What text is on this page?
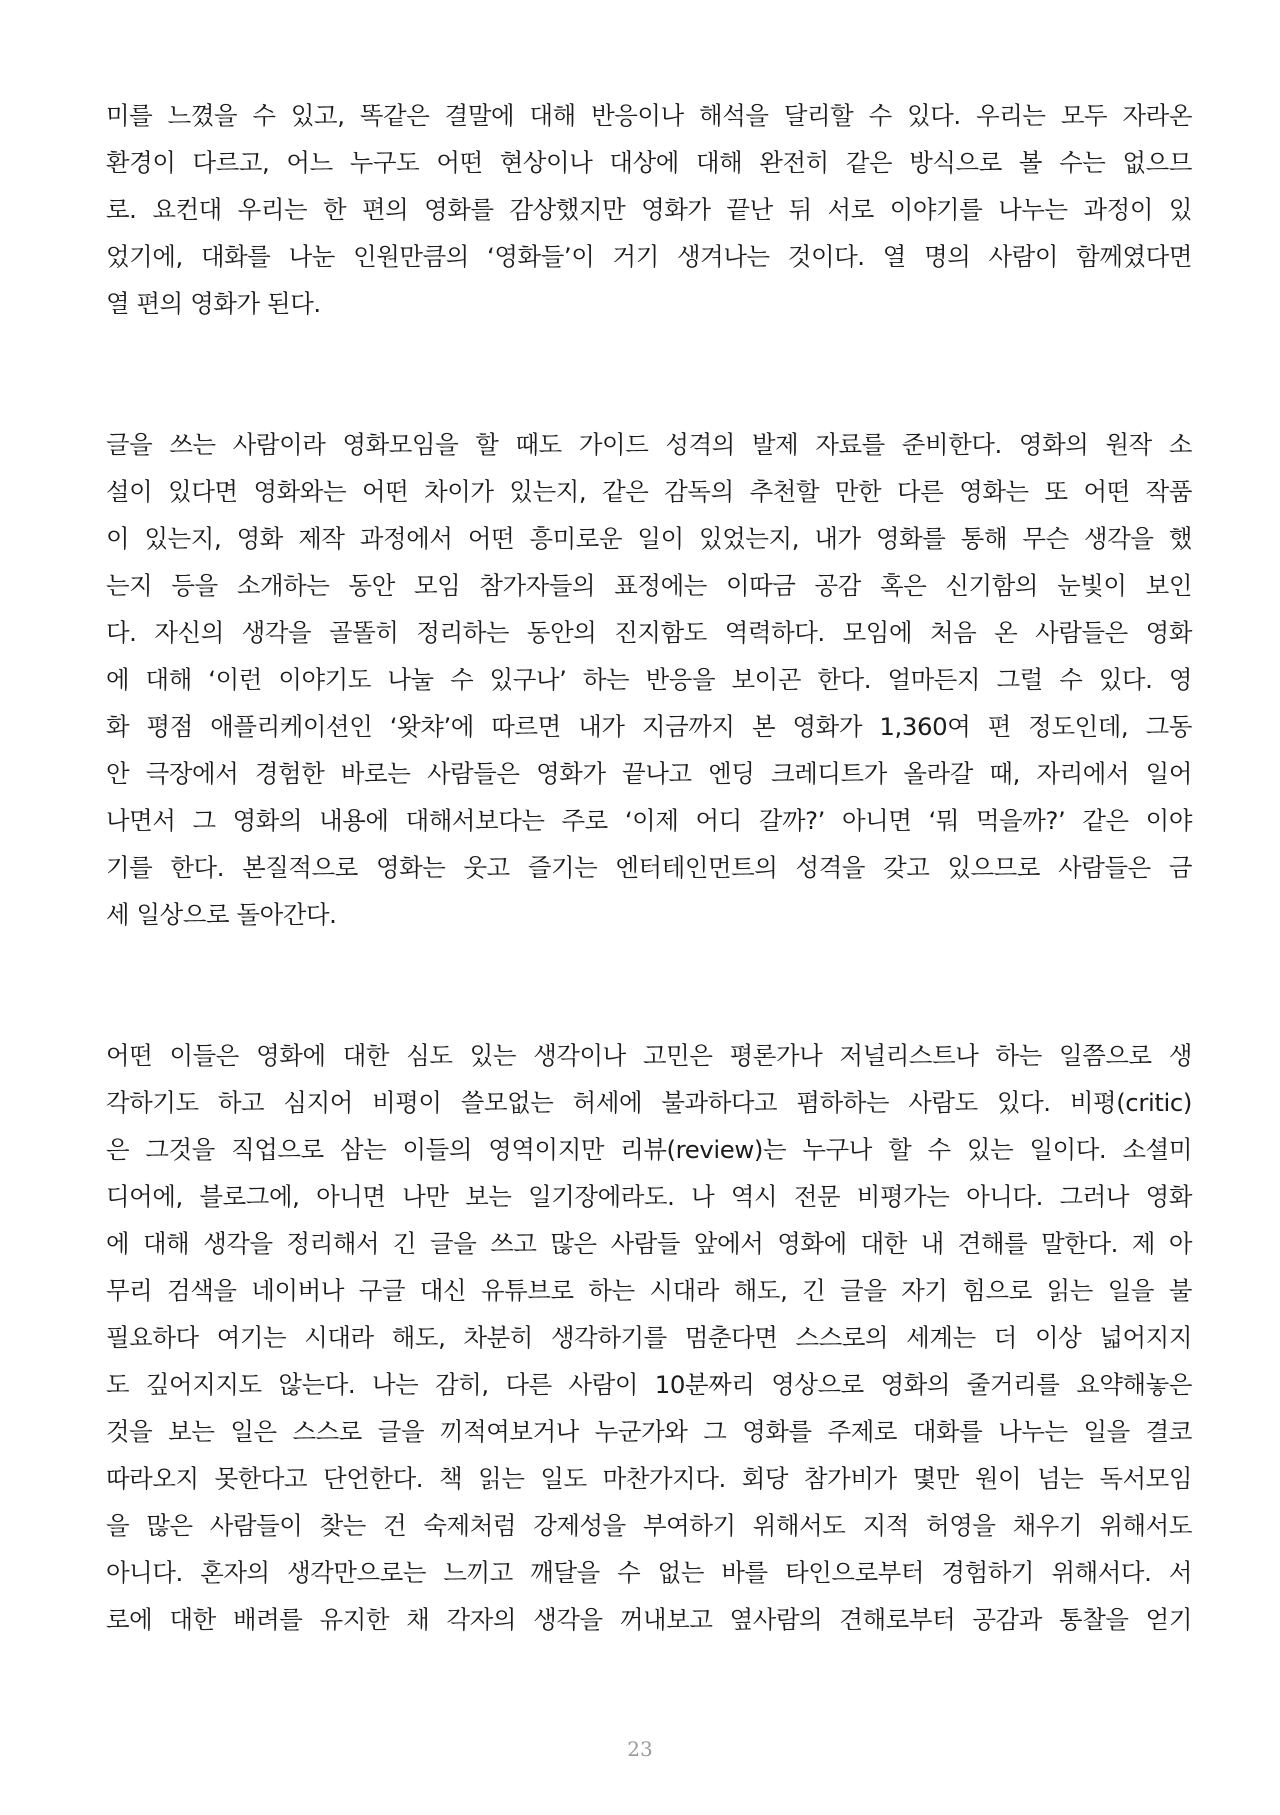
미를 느꼈을 수 있고, 똑같은 결말에 대해 반응이나 해석을 달리할 수 있다. 우리는 모두 자라온
환경이 다르고, 어느 누구도 어떤 현상이나 대상에 대해 완전히 같은 방식으로 볼 수는 없으므
로. 요컨대 우리는 한 편의 영화를 감상했지만 영화가 끝난 뒤 서로 이야기를 나누는 과정이 있
었기에, 대화를 나눈 인원만큼의 ‘영화들’이 거기 생겨나는 것이다. 열 명의 사람이 함께였다면
열 편의 영화가 된다.
글을 쓰는 사람이라 영화모임을 할 때도 가이드 성격의 발제 자료를 준비한다. 영화의 원작 소
설이 있다면 영화와는 어떤 차이가 있는지, 같은 감독의 추천할 만한 다른 영화는 또 어떤 작품
이 있는지, 영화 제작 과정에서 어떤 흥미로운 일이 있었는지, 내가 영화를 통해 무슨 생각을 했
는지 등을 소개하는 동안 모임 참가자들의 표정에는 이따금 공감 혹은 신기함의 눈빛이 보인
다. 자신의 생각을 골똘히 정리하는 동안의 진지함도 역력하다. 모임에 처음 온 사람들은 영화
에 대해 ‘이런 이야기도 나눌 수 있구나’ 하는 반응을 보이곤 한다. 얼마든지 그럴 수 있다. 영
화 평점 애플리케이션인 ‘왓챠’에 따르면 내가 지금까지 본 영화가 1,360여 편 정도인데, 그동
안 극장에서 경험한 바로는 사람들은 영화가 끝나고 엔딩 크레디트가 올라갈 때, 자리에서 일어
나면서 그 영화의 내용에 대해서보다는 주로 ‘이제 어디 갈까?’ 아니면 ‘뭐 먹을까?’ 같은 이야
기를 한다. 본질적으로 영화는 웃고 즐기는 엔터테인먼트의 성격을 갖고 있으므로 사람들은 금
세 일상으로 돌아간다.
어떤 이들은 영화에 대한 심도 있는 생각이나 고민은 평론가나 저널리스트나 하는 일쯤으로 생
각하기도 하고 심지어 비평이 쓸모없는 허세에 불과하다고 폄하하는 사람도 있다. 비평(critic)
은 그것을 직업으로 삼는 이들의 영역이지만 리뷰(review)는 누구나 할 수 있는 일이다. 소셜미
디어에, 블로그에, 아니면 나만 보는 일기장에라도. 나 역시 전문 비평가는 아니다. 그러나 영화
에 대해 생각을 정리해서 긴 글을 쓰고 많은 사람들 앞에서 영화에 대한 내 견해를 말한다. 제 아
무리 검색을 네이버나 구글 대신 유튜브로 하는 시대라 해도, 긴 글을 자기 힘으로 읽는 일을 불
필요하다 여기는 시대라 해도, 차분히 생각하기를 멈춘다면 스스로의 세계는 더 이상 넓어지지
도 깊어지지도 않는다. 나는 감히, 다른 사람이 10분짜리 영상으로 영화의 줄거리를 요약해놓은
것을 보는 일은 스스로 글을 끼적여보거나 누군가와 그 영화를 주제로 대화를 나누는 일을 결코
따라오지 못한다고 단언한다. 책 읽는 일도 마찬가지다. 회당 참가비가 몇만 원이 넘는 독서모임
을 많은 사람들이 찾는 건 숙제처럼 강제성을 부여하기 위해서도 지적 허영을 채우기 위해서도
아니다. 혼자의 생각만으로는 느끼고 깨달을 수 없는 바를 타인으로부터 경험하기 위해서다. 서
로에 대한 배려를 유지한 채 각자의 생각을 꺼내보고 옆사람의 견해로부터 공감과 통찰을 얻기
23
